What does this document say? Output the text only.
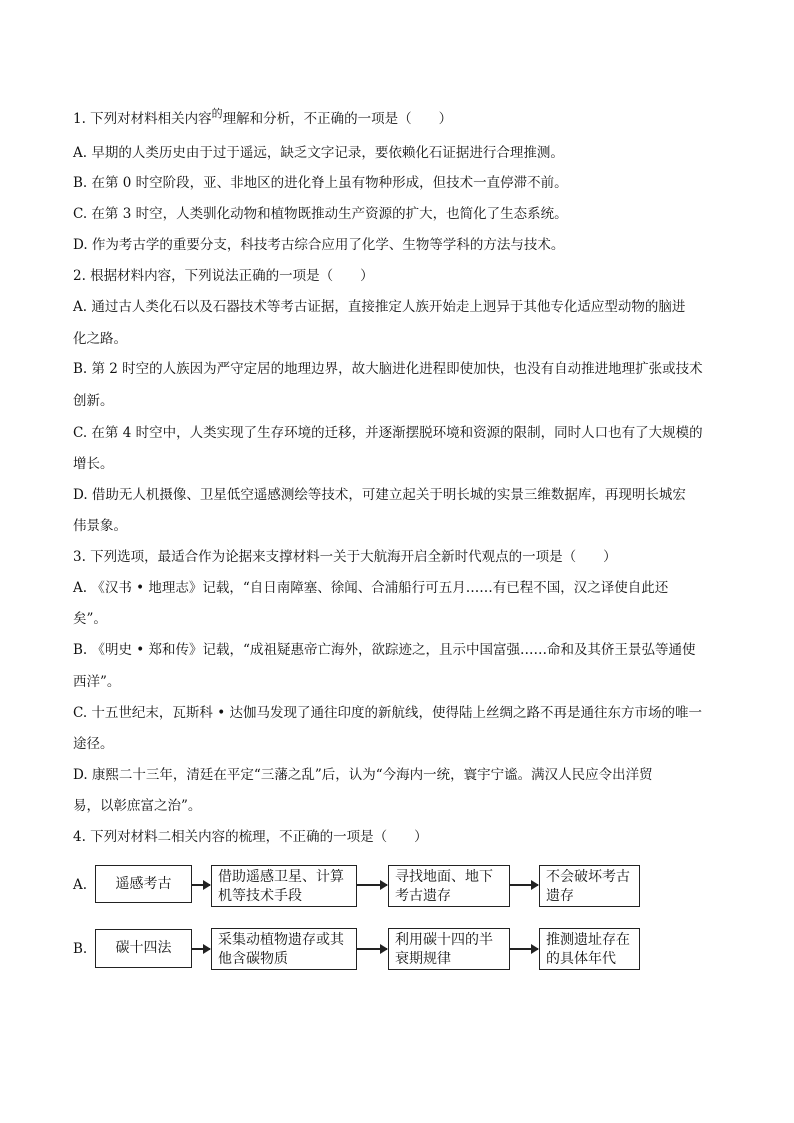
1. 下列对材料相关内容$^的$理解和分析，不正确的一项是（　　）
A. 早期的人类历史由于过于遥远，缺乏文字记录，要依赖化石证据进行合理推测。
B. 在第 0 时空阶段，亚、非地区的进化脊上虽有物种形成，但技术一直停滞不前。
C. 在第 3 时空，人类驯化动物和植物既推动生产资源的扩大，也简化了生态系统。
D. 作为考古学的重要分支，科技考古综合应用了化学、生物等学科的方法与技术。
2. 根据材料内容，下列说法正确的一项是（　　）
A. 通过古人类化石以及石器技术等考古证据，直接推定人族开始走上迥异于其他专化适应型动物的脑进
化之路。
B. 第 2 时空的人族因为严守定居的地理边界，故大脑进化进程即使加快，也没有自动推进地理扩张或技术
创新。
C. 在第 4 时空中，人类实现了生存环境的迁移，并逐渐摆脱环境和资源的限制，同时人口也有了大规模的
增长。
D. 借助无人机摄像、卫星低空遥感测绘等技术，可建立起关于明长城的实景三维数据库，再现明长城宏
伟景象。
3. 下列选项，最适合作为论据来支撑材料一关于大航海开启全新时代观点的一项是（　　）
A. 《汉书 • 地理志》记载，“自日南障塞、徐闻、合浦船行可五月……有已程不国，汉之译使自此还
矣”。
B. 《明史 • 郑和传》记载，“成祖疑惠帝亡海外，欲踪迹之，且示中国富强……命和及其侪王景弘等通使
西洋”。
C. 十五世纪末，瓦斯科 • 达伽马发现了通往印度的新航线，使得陆上丝绸之路不再是通往东方市场的唯一
途径。
D. 康熙二十三年，清廷在平定“三藩之乱”后，认为“今海内一统，寰宇宁谧。满汉人民应令出洋贸
易，以彰庶富之治”。
4. 下列对材料二相关内容的梳理，不正确的一项是（　　）
A.	遥感考古	借助遥感卫星、计算机等技术手段
寻找地面、地下考古遗存
不会破坏考古遗存
B.	碳十四法	采集动植物遗存或其他含碳物质
利用碳十四的半衰期规律
推测遗址存在的具体年代
